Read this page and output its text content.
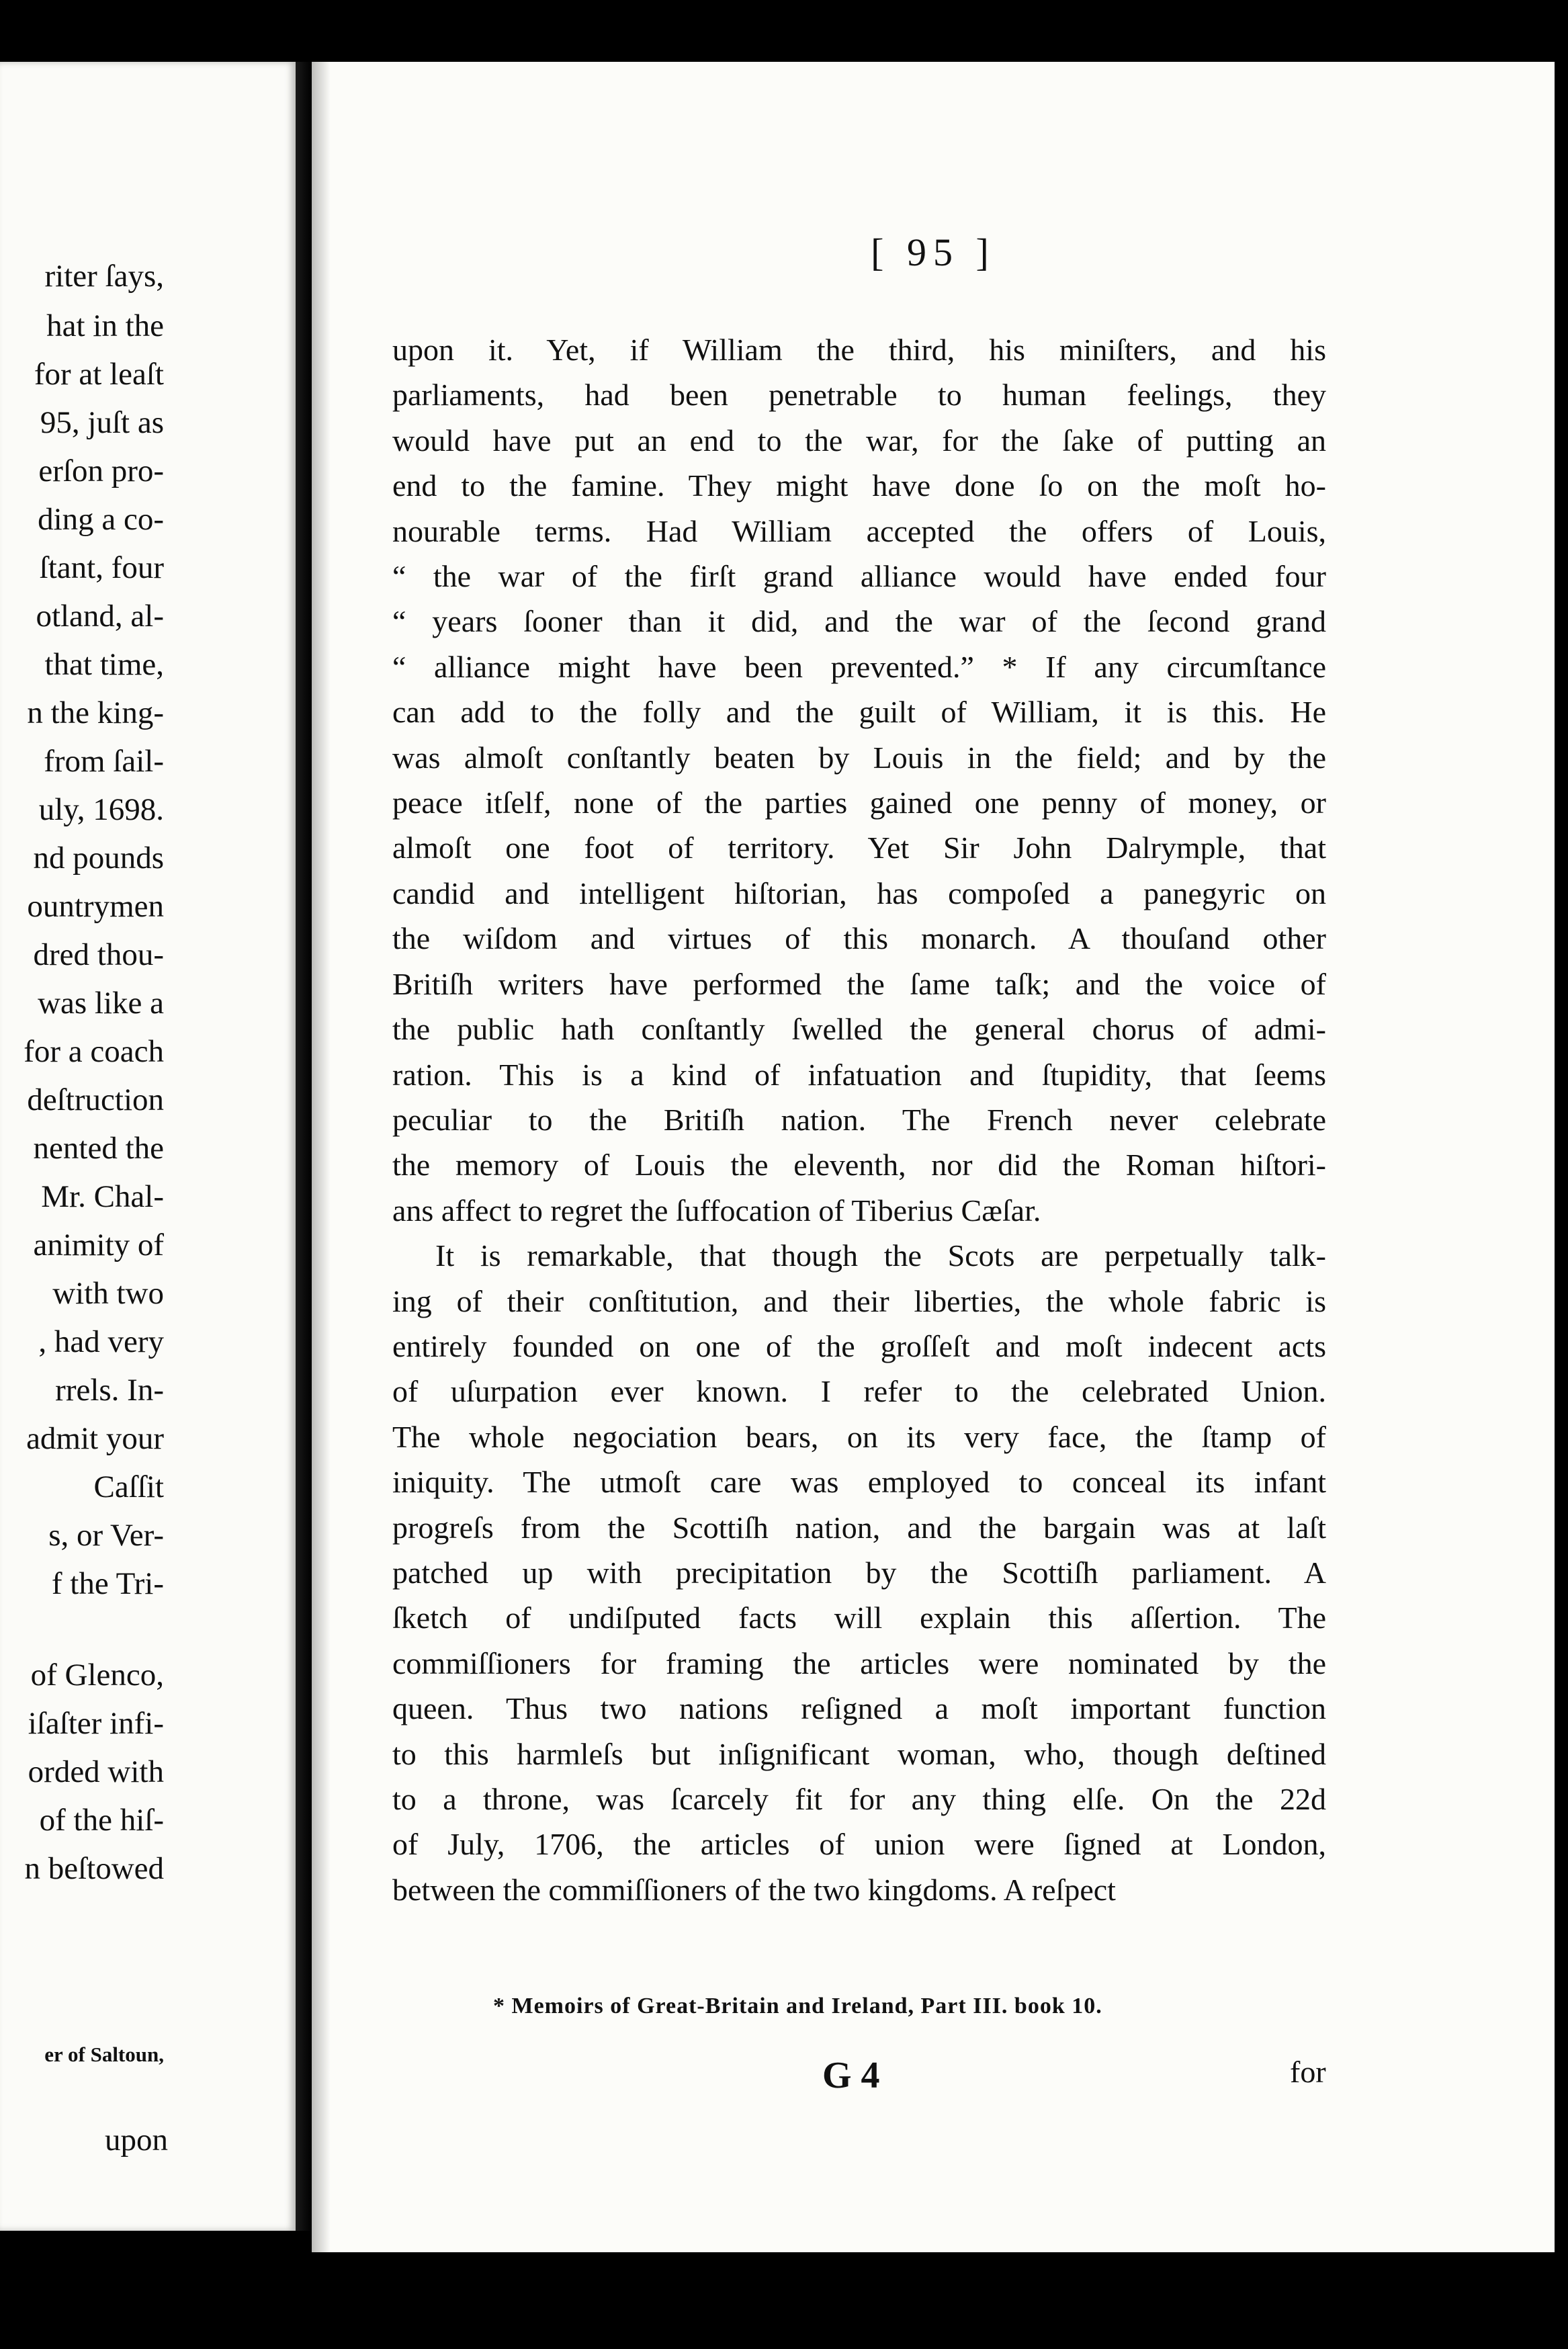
er of Saltoun,
upon
riter ſays,
hat in the
for at leaſt
95, juſt as
erſon pro-
ding a co-
ſtant, four
otland, al-
that time,
n the king-
from ſail-
uly, 1698.
nd pounds
ountrymen
dred thou-
was like a
for a coach
deſtruction
nented the
Mr. Chal-
animity of
with two
, had very
rrels. In-
admit your
Caſſit
s, or Ver-
f the Tri-
of Glenco,
iſaſter infi-
orded with
of the hiſ-
n beſtowed
[ 95 ]
upon it. Yet, if William the third, his miniſters, and his
parliaments, had been penetrable to human feelings, they
would have put an end to the war, for the ſake of putting an
end to the famine. They might have done ſo on the moſt ho-
nourable terms. Had William accepted the offers of Louis,
“ the war of the firſt grand alliance would have ended four
“ years ſooner than it did, and the war of the ſecond grand
“ alliance might have been prevented.” * If any circumſtance
can add to the folly and the guilt of William, it is this. He
was almoſt conſtantly beaten by Louis in the field; and by the
peace itſelf, none of the parties gained one penny of money, or
almoſt one foot of territory. Yet Sir John Dalrymple, that
candid and intelligent hiſtorian, has compoſed a panegyric on
the wiſdom and virtues of this monarch. A thouſand other
Britiſh writers have performed the ſame taſk; and the voice of
the public hath conſtantly ſwelled the general chorus of admi-
ration. This is a kind of infatuation and ſtupidity, that ſeems
peculiar to the Britiſh nation. The French never celebrate
the memory of Louis the eleventh, nor did the Roman hiſtori-
ans affect to regret the ſuffocation of Tiberius Cæſar.
It is remarkable, that though the Scots are perpetually talk-
ing of their conſtitution, and their liberties, the whole fabric is
entirely founded on one of the groſſeſt and moſt indecent acts
of uſurpation ever known. I refer to the celebrated Union.
The whole negociation bears, on its very face, the ſtamp of
iniquity. The utmoſt care was employed to conceal its infant
progreſs from the Scottiſh nation, and the bargain was at laſt
patched up with precipitation by the Scottiſh parliament. A
ſketch of undiſputed facts will explain this aſſertion. The
commiſſioners for framing the articles were nominated by the
queen. Thus two nations reſigned a moſt important function
to this harmleſs but inſignificant woman, who, though deſtined
to a throne, was ſcarcely fit for any thing elſe. On the 22d
of July, 1706, the articles of union were ſigned at London,
between the commiſſioners of the two kingdoms. A reſpect
* Memoirs of Great-Britain and Ireland, Part III. book 10.
G 4	for
